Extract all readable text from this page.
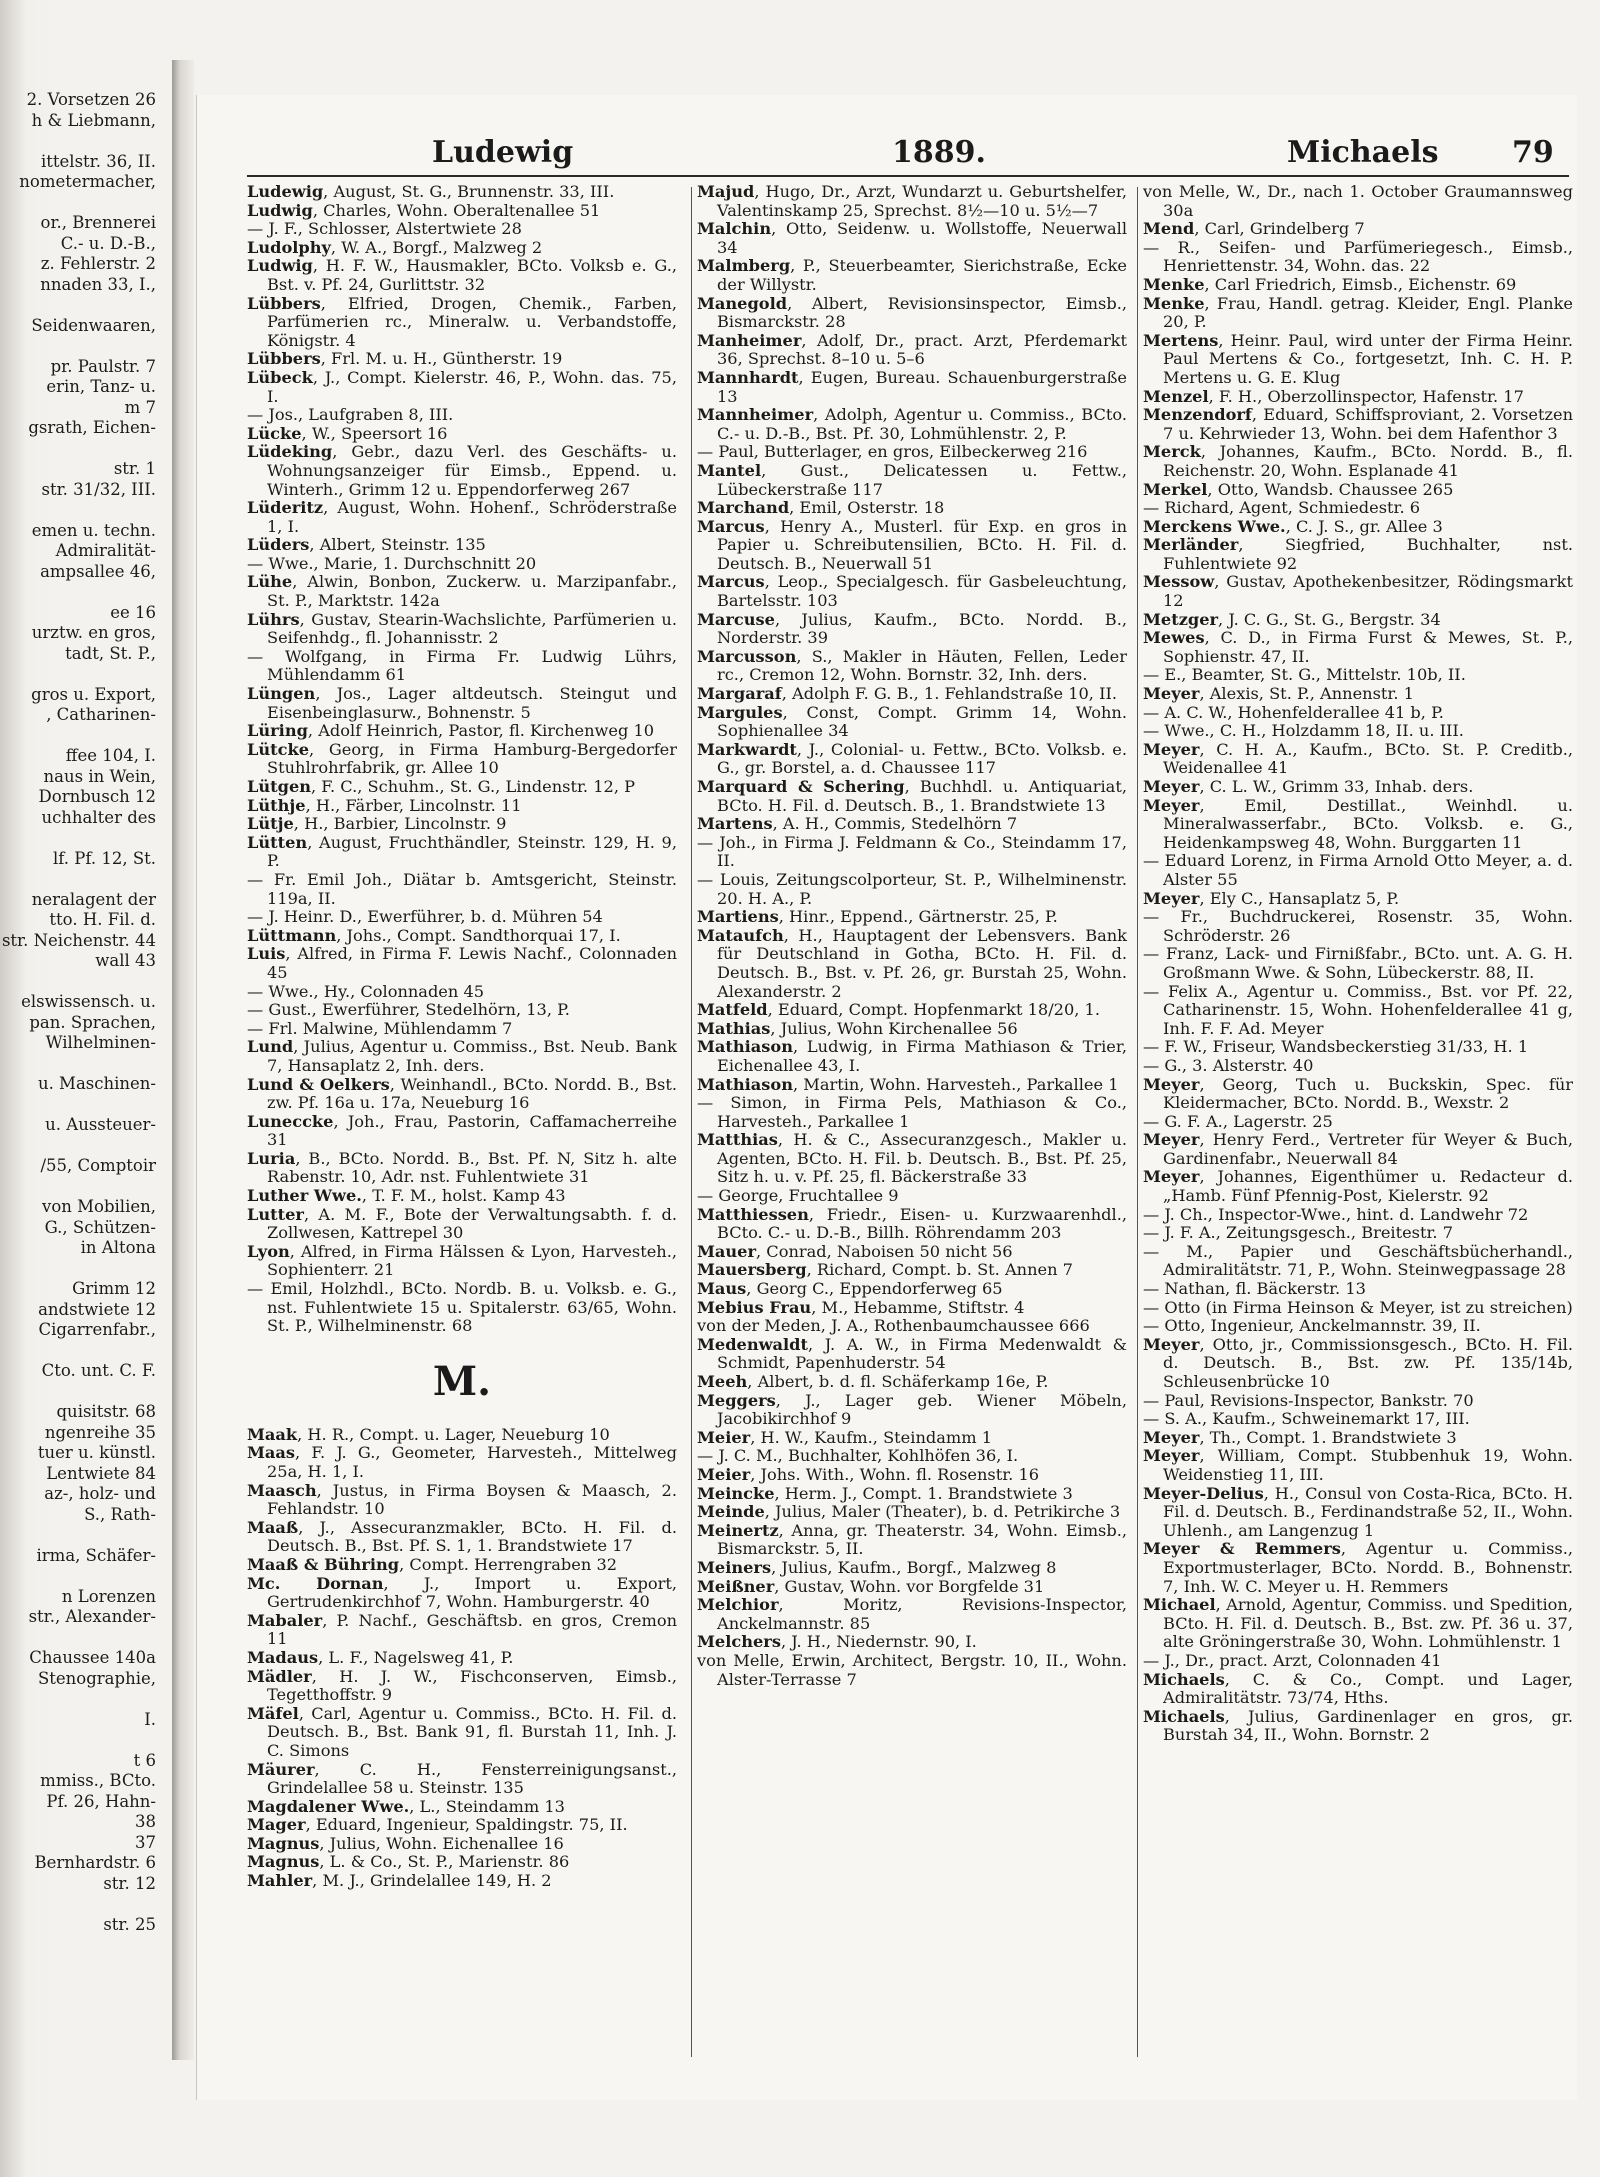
2. Vorsetzen 26
h & Liebmann,
ittelstr. 36, II.
nometermacher,
or., Brennerei
C.- u. D.-B.,
z. Fehlerstr. 2
nnaden 33, I.,
Seidenwaaren,
pr. Paulstr. 7
erin, Tanz- u.
m 7
gsrath, Eichen-
str. 1
str. 31/32, III.
emen u. techn.
Admiralität-
ampsallee 46,
ee 16
urztw. en gros,
tadt, St. P.,
gros u. Export,
, Catharinen-
ffee 104, I.
naus in Wein,
Dornbusch 12
uchhalter des
lf. Pf. 12, St.
neralagent der
tto. H. Fil. d.
str. Neichenstr. 44
wall 43
elswissensch. u.
pan. Sprachen,
Wilhelminen-
u. Maschinen-
u. Aussteuer-
/55, Comptoir
von Mobilien,
G., Schützen-
in Altona
Grimm 12
andstwiete 12
Cigarrenfabr.,
Cto. unt. C. F.
quisitstr. 68
ngenreihe 35
tuer u. künstl.
Lentwiete 84
az-, holz- und
S., Rath-
irma, Schäfer-
n Lorenzen
str., Alexander-
Chaussee 140a
Stenographie,
I.
t 6
mmiss., BCto.
Pf. 26, Hahn-
38
37
Bernhardstr. 6
str. 12
str. 25
Ludewig	1889.	Michaels 79

Ludewig, August, St. G., Brunnenstr. 33, III.

Ludwig, Charles, Wohn. Oberaltenallee 51

— J. F., Schlosser, Alstertwiete 28

Ludolphy, W. A., Borgf., Malzweg 2

Ludwig, H. F. W., Hausmakler, BCto. Volksb e. G., Bst. v. Pf. 24, Gurlittstr. 32

Lübbers, Elfried, Drogen, Chemik., Farben, Parfümerien rc., Mineralw. u. Verbandstoffe, Königstr. 4

Lübbers, Frl. M. u. H., Güntherstr. 19

Lübeck, J., Compt. Kielerstr. 46, P., Wohn. das. 75, I.

— Jos., Laufgraben 8, III.

Lücke, W., Speersort 16

Lüdeking, Gebr., dazu Verl. des Geschäfts- u. Wohnungsanzeiger für Eimsb., Eppend. u. Winterh., Grimm 12 u. Eppendorferweg 267

Lüderitz, August, Wohn. Hohenf., Schröderstraße 1, I.

Lüders, Albert, Steinstr. 135

— Wwe., Marie, 1. Durchschnitt 20

Lühe, Alwin, Bonbon, Zuckerw. u. Marzipanfabr., St. P., Marktstr. 142a

Lührs, Gustav, Stearin-Wachslichte, Parfümerien u. Seifenhdg., fl. Johannisstr. 2

— Wolfgang, in Firma Fr. Ludwig Lührs, Mühlendamm 61

Lüngen, Jos., Lager altdeutsch. Steingut und Eisenbeinglasurw., Bohnenstr. 5

Lüring, Adolf Heinrich, Pastor, fl. Kirchenweg 10

Lütcke, Georg, in Firma Hamburg-Bergedorfer Stuhlrohrfabrik, gr. Allee 10

Lütgen, F. C., Schuhm., St. G., Lindenstr. 12, P

Lüthje, H., Färber, Lincolnstr. 11

Lütje, H., Barbier, Lincolnstr. 9

Lütten, August, Fruchthändler, Steinstr. 129, H. 9, P.

— Fr. Emil Joh., Diätar b. Amtsgericht, Steinstr. 119a, II.

— J. Heinr. D., Ewerführer, b. d. Mühren 54

Lüttmann, Johs., Compt. Sandthorquai 17, I.

Luis, Alfred, in Firma F. Lewis Nachf., Colonnaden 45

— Wwe., Hy., Colonnaden 45

— Gust., Ewerführer, Stedelhörn, 13, P.

— Frl. Malwine, Mühlendamm 7

Lund, Julius, Agentur u. Commiss., Bst. Neub. Bank 7, Hansaplatz 2, Inh. ders.

Lund & Oelkers, Weinhandl., BCto. Nordd. B., Bst. zw. Pf. 16a u. 17a, Neueburg 16

Luneccke, Joh., Frau, Pastorin, Caffamacherreihe 31

Luria, B., BCto. Nordd. B., Bst. Pf. N, Sitz h. alte Rabenstr. 10, Adr. nst. Fuhlentwiete 31

Luther Wwe., T. F. M., holst. Kamp 43

Lutter, A. M. F., Bote der Verwaltungsabth. f. d. Zollwesen, Kattrepel 30

Lyon, Alfred, in Firma Hälssen & Lyon, Harvesteh., Sophienterr. 21

— Emil, Holzhdl., BCto. Nordb. B. u. Volksb. e. G., nst. Fuhlentwiete 15 u. Spitalerstr. 63/65, Wohn. St. P., Wilhelminenstr. 68

M.

Maak, H. R., Compt. u. Lager, Neueburg 10

Maas, F. J. G., Geometer, Harvesteh., Mittelweg 25a, H. 1, I.

Maasch, Justus, in Firma Boysen & Maasch, 2. Fehlandstr. 10

Maaß, J., Assecuranzmakler, BCto. H. Fil. d. Deutsch. B., Bst. Pf. S. 1, 1. Brandstwiete 17

Maaß & Bühring, Compt. Herrengraben 32

Mc. Dornan, J., Import u. Export, Gertrudenkirchhof 7, Wohn. Hamburgerstr. 40

Mabaler, P. Nachf., Geschäftsb. en gros, Cremon 11

Madaus, L. F., Nagelsweg 41, P.

Mädler, H. J. W., Fischconserven, Eimsb., Tegetthoffstr. 9

Mäfel, Carl, Agentur u. Commiss., BCto. H. Fil. d. Deutsch. B., Bst. Bank 91, fl. Burstah 11, Inh. J. C. Simons

Mäurer, C. H., Fensterreinigungsanst., Grindelallee 58 u. Steinstr. 135

Magdalener Wwe., L., Steindamm 13

Mager, Eduard, Ingenieur, Spaldingstr. 75, II.

Magnus, Julius, Wohn. Eichenallee 16

Magnus, L. & Co., St. P., Marienstr. 86

Mahler, M. J., Grindelallee 149, H. 2

Majud, Hugo, Dr., Arzt, Wundarzt u. Geburtshelfer, Valentinskamp 25, Sprechst. 8½—10 u. 5½—7

Malchin, Otto, Seidenw. u. Wollstoffe, Neuerwall 34

Malmberg, P., Steuerbeamter, Sierichstraße, Ecke der Willystr.

Manegold, Albert, Revisionsinspector, Eimsb., Bismarckstr. 28

Manheimer, Adolf, Dr., pract. Arzt, Pferdemarkt 36, Sprechst. 8–10 u. 5–6

Mannhardt, Eugen, Bureau. Schauenburgerstraße 13

Mannheimer, Adolph, Agentur u. Commiss., BCto. C.- u. D.-B., Bst. Pf. 30, Lohmühlenstr. 2, P.

— Paul, Butterlager, en gros, Eilbeckerweg 216

Mantel, Gust., Delicatessen u. Fettw., Lübeckerstraße 117

Marchand, Emil, Osterstr. 18

Marcus, Henry A., Musterl. für Exp. en gros in Papier u. Schreibutensilien, BCto. H. Fil. d. Deutsch. B., Neuerwall 51

Marcus, Leop., Specialgesch. für Gasbeleuchtung, Bartelsstr. 103

Marcuse, Julius, Kaufm., BCto. Nordd. B., Norderstr. 39

Marcusson, S., Makler in Häuten, Fellen, Leder rc., Cremon 12, Wohn. Bornstr. 32, Inh. ders.

Margaraf, Adolph F. G. B., 1. Fehlandstraße 10, II.

Margules, Const, Compt. Grimm 14, Wohn. Sophienallee 34

Markwardt, J., Colonial- u. Fettw., BCto. Volksb. e. G., gr. Borstel, a. d. Chaussee 117

Marquard & Schering, Buchhdl. u. Antiquariat, BCto. H. Fil. d. Deutsch. B., 1. Brandstwiete 13

Martens, A. H., Commis, Stedelhörn 7

— Joh., in Firma J. Feldmann & Co., Steindamm 17, II.

— Louis, Zeitungscolporteur, St. P., Wilhelminenstr. 20. H. A., P.

Martiens, Hinr., Eppend., Gärtnerstr. 25, P.

Mataufch, H., Hauptagent der Lebensvers. Bank für Deutschland in Gotha, BCto. H. Fil. d. Deutsch. B., Bst. v. Pf. 26, gr. Burstah 25, Wohn. Alexanderstr. 2

Matfeld, Eduard, Compt. Hopfenmarkt 18/20, 1.

Mathias, Julius, Wohn Kirchenallee 56

Mathiason, Ludwig, in Firma Mathiason & Trier, Eichenallee 43, I.

Mathiason, Martin, Wohn. Harvesteh., Parkallee 1

— Simon, in Firma Pels, Mathiason & Co., Harvesteh., Parkallee 1

Matthias, H. & C., Assecuranzgesch., Makler u. Agenten, BCto. H. Fil. b. Deutsch. B., Bst. Pf. 25, Sitz h. u. v. Pf. 25, fl. Bäckerstraße 33

— George, Fruchtallee 9

Matthiessen, Friedr., Eisen- u. Kurzwaarenhdl., BCto. C.- u. D.-B., Billh. Röhrendamm 203

Mauer, Conrad, Naboisen 50 nicht 56

Mauersberg, Richard, Compt. b. St. Annen 7

Maus, Georg C., Eppendorferweg 65

Mebius Frau, M., Hebamme, Stiftstr. 4

von der Meden, J. A., Rothenbaumchaussee 666

Medenwaldt, J. A. W., in Firma Medenwaldt & Schmidt, Papenhuderstr. 54

Meeh, Albert, b. d. fl. Schäferkamp 16e, P.

Meggers, J., Lager geb. Wiener Möbeln, Jacobikirchhof 9

Meier, H. W., Kaufm., Steindamm 1

— J. C. M., Buchhalter, Kohlhöfen 36, I.

Meier, Johs. With., Wohn. fl. Rosenstr. 16

Meincke, Herm. J., Compt. 1. Brandstwiete 3

Meinde, Julius, Maler (Theater), b. d. Petrikirche 3

Meinertz, Anna, gr. Theaterstr. 34, Wohn. Eimsb., Bismarckstr. 5, II.

Meiners, Julius, Kaufm., Borgf., Malzweg 8

Meißner, Gustav, Wohn. vor Borgfelde 31

Melchior, Moritz, Revisions-Inspector, Anckelmannstr. 85

Melchers, J. H., Niedernstr. 90, I.

von Melle, Erwin, Architect, Bergstr. 10, II., Wohn. Alster-Terrasse 7

von Melle, W., Dr., nach 1. October Graumannsweg 30a

Mend, Carl, Grindelberg 7

— R., Seifen- und Parfümeriegesch., Eimsb., Henriettenstr. 34, Wohn. das. 22

Menke, Carl Friedrich, Eimsb., Eichenstr. 69

Menke, Frau, Handl. getrag. Kleider, Engl. Planke 20, P.

Mertens, Heinr. Paul, wird unter der Firma Heinr. Paul Mertens & Co., fortgesetzt, Inh. C. H. P. Mertens u. G. E. Klug

Menzel, F. H., Oberzollinspector, Hafenstr. 17

Menzendorf, Eduard, Schiffsproviant, 2. Vorsetzen 7 u. Kehrwieder 13, Wohn. bei dem Hafenthor 3

Merck, Johannes, Kaufm., BCto. Nordd. B., fl. Reichenstr. 20, Wohn. Esplanade 41

Merkel, Otto, Wandsb. Chaussee 265

— Richard, Agent, Schmiedestr. 6

Merckens Wwe., C. J. S., gr. Allee 3

Merländer, Siegfried, Buchhalter, nst. Fuhlentwiete 92

Messow, Gustav, Apothekenbesitzer, Rödingsmarkt 12

Metzger, J. C. G., St. G., Bergstr. 34

Mewes, C. D., in Firma Furst & Mewes, St. P., Sophienstr. 47, II.

— E., Beamter, St. G., Mittelstr. 10b, II.

Meyer, Alexis, St. P., Annenstr. 1

— A. C. W., Hohenfelderallee 41 b, P.

— Wwe., C. H., Holzdamm 18, II. u. III.

Meyer, C. H. A., Kaufm., BCto. St. P. Creditb., Weidenallee 41

Meyer, C. L. W., Grimm 33, Inhab. ders.

Meyer, Emil, Destillat., Weinhdl. u. Mineralwasserfabr., BCto. Volksb. e. G., Heidenkampsweg 48, Wohn. Burggarten 11

— Eduard Lorenz, in Firma Arnold Otto Meyer, a. d. Alster 55

Meyer, Ely C., Hansaplatz 5, P.

— Fr., Buchdruckerei, Rosenstr. 35, Wohn. Schröderstr. 26

— Franz, Lack- und Firnißfabr., BCto. unt. A. G. H. Großmann Wwe. & Sohn, Lübeckerstr. 88, II.

— Felix A., Agentur u. Commiss., Bst. vor Pf. 22, Catharinenstr. 15, Wohn. Hohenfelderallee 41 g, Inh. F. F. Ad. Meyer

— F. W., Friseur, Wandsbeckerstieg 31/33, H. 1

— G., 3. Alsterstr. 40

Meyer, Georg, Tuch u. Buckskin, Spec. für Kleidermacher, BCto. Nordd. B., Wexstr. 2

— G. F. A., Lagerstr. 25

Meyer, Henry Ferd., Vertreter für Weyer & Buch, Gardinenfabr., Neuerwall 84

Meyer, Johannes, Eigenthümer u. Redacteur d. „Hamb. Fünf Pfennig-Post, Kielerstr. 92

— J. Ch., Inspector-Wwe., hint. d. Landwehr 72

— J. F. A., Zeitungsgesch., Breitestr. 7

— M., Papier und Geschäftsbücherhandl., Admiralitätstr. 71, P., Wohn. Steinwegpassage 28

— Nathan, fl. Bäckerstr. 13

— Otto (in Firma Heinson & Meyer, ist zu streichen)

— Otto, Ingenieur, Anckelmannstr. 39, II.

Meyer, Otto, jr., Commissionsgesch., BCto. H. Fil. d. Deutsch. B., Bst. zw. Pf. 135/14b, Schleusenbrücke 10

— Paul, Revisions-Inspector, Bankstr. 70

— S. A., Kaufm., Schweinemarkt 17, III.

Meyer, Th., Compt. 1. Brandstwiete 3

Meyer, William, Compt. Stubbenhuk 19, Wohn. Weidenstieg 11, III.

Meyer-Delius, H., Consul von Costa-Rica, BCto. H. Fil. d. Deutsch. B., Ferdinandstraße 52, II., Wohn. Uhlenh., am Langenzug 1

Meyer & Remmers, Agentur u. Commiss., Exportmusterlager, BCto. Nordd. B., Bohnenstr. 7, Inh. W. C. Meyer u. H. Remmers

Michael, Arnold, Agentur, Commiss. und Spedition, BCto. H. Fil. d. Deutsch. B., Bst. zw. Pf. 36 u. 37, alte Gröningerstraße 30, Wohn. Lohmühlenstr. 1

— J., Dr., pract. Arzt, Colonnaden 41

Michaels, C. & Co., Compt. und Lager, Admiralitätstr. 73/74, Hths.

Michaels, Julius, Gardinenlager en gros, gr. Burstah 34, II., Wohn. Bornstr. 2
